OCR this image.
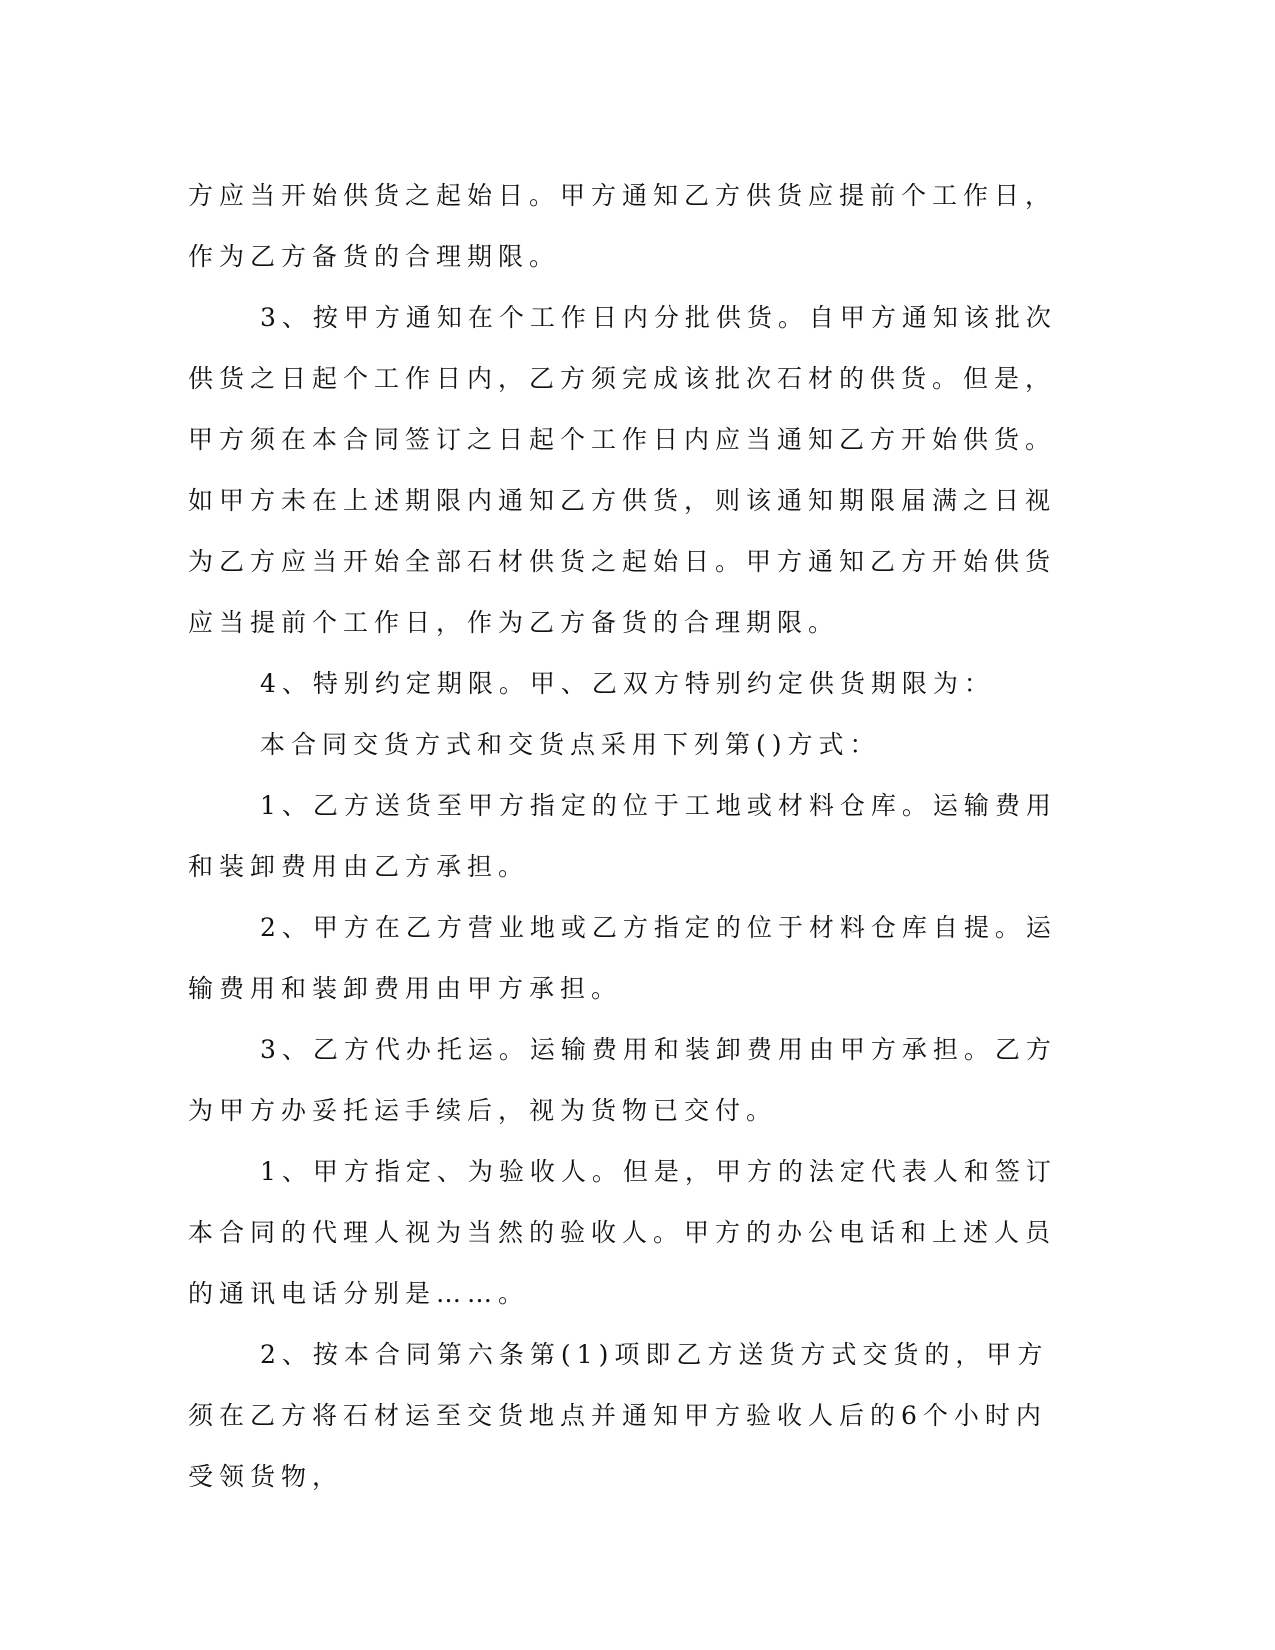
方应当开始供货之起始日。甲方通知乙方供货应提前个工作日，作为乙方备货的合理期限。

3、按甲方通知在个工作日内分批供货。自甲方通知该批次供货之日起个工作日内，乙方须完成该批次石材的供货。但是，甲方须在本合同签订之日起个工作日内应当通知乙方开始供货。如甲方未在上述期限内通知乙方供货，则该通知期限届满之日视为乙方应当开始全部石材供货之起始日。甲方通知乙方开始供货应当提前个工作日，作为乙方备货的合理期限。

4、特别约定期限。甲、乙双方特别约定供货期限为：

本合同交货方式和交货点采用下列第()方式：

1、乙方送货至甲方指定的位于工地或材料仓库。运输费用和装卸费用由乙方承担。

2、甲方在乙方营业地或乙方指定的位于材料仓库自提。运输费用和装卸费用由甲方承担。

3、乙方代办托运。运输费用和装卸费用由甲方承担。乙方为甲方办妥托运手续后，视为货物已交付。

1、甲方指定、为验收人。但是，甲方的法定代表人和签订本合同的代理人视为当然的验收人。甲方的办公电话和上述人员的通讯电话分别是……。

2、按本合同第六条第(1)项即乙方送货方式交货的，甲方须在乙方将石材运至交货地点并通知甲方验收人后的6个小时内受领货物，
